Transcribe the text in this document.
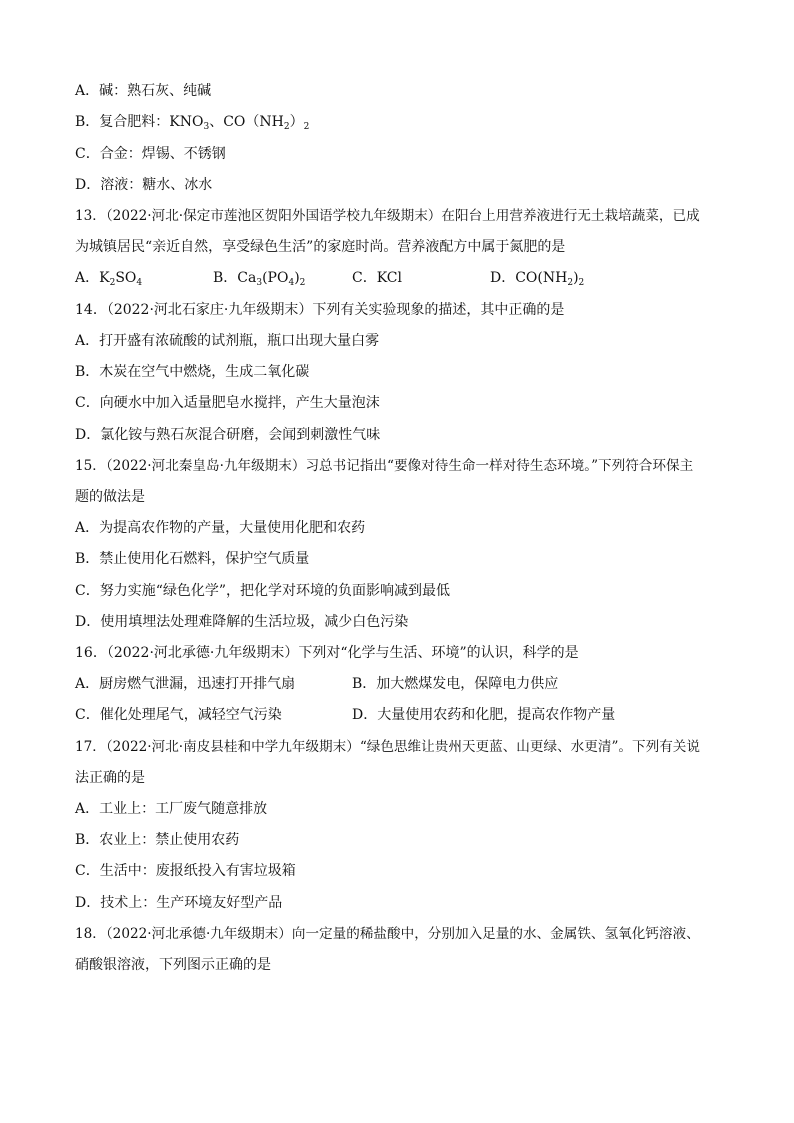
A．碱：熟石灰、纯碱
B．复合肥料：$KNO_3$、$CO(NH_2)_2$
C．合金：焊锡、不锈钢
D．溶液：糖水、冰水
13．（2022·河北·保定市莲池区贺阳外国语学校九年级期末）在阳台上用营养液进行无土栽培蔬菜，已成
为城镇居民“亲近自然，享受绿色生活”的家庭时尚。营养液配方中属于氮肥的是
A．$K_2SO_4$	B．$Ca_3(PO_4)_2$	C．KCl	D．$CO(NH_2)_2$
14．（2022·河北石家庄·九年级期末）下列有关实验现象的描述，其中正确的是
A．打开盛有浓硫酸的试剂瓶，瓶口出现大量白雾
B．木炭在空气中燃烧，生成二氧化碳
C．向硬水中加入适量肥皂水搅拌，产生大量泡沫
D．氯化铵与熟石灰混合研磨，会闻到刺激性气味
15．（2022·河北秦皇岛·九年级期末）习总书记指出“要像对待生命一样对待生态环境。”下列符合环保主
题的做法是
A．为提高农作物的产量，大量使用化肥和农药
B．禁止使用化石燃料，保护空气质量
C．努力实施“绿色化学”，把化学对环境的负面影响减到最低
D．使用填埋法处理难降解的生活垃圾，减少白色污染
16．（2022·河北承德·九年级期末）下列对“化学与生活、环境”的认识，科学的是
A．厨房燃气泄漏，迅速打开排气扇	B．加大燃煤发电，保障电力供应
C．催化处理尾气，减轻空气污染	D．大量使用农药和化肥，提高农作物产量
17．（2022·河北·南皮县桂和中学九年级期末）“绿色思维让贵州天更蓝、山更绿、水更清”。下列有关说
法正确的是
A．工业上：工厂废气随意排放
B．农业上：禁止使用农药
C．生活中：废报纸投入有害垃圾箱
D．技术上：生产环境友好型产品
18．（2022·河北承德·九年级期末）向一定量的稀盐酸中，分别加入足量的水、金属铁、氢氧化钙溶液、
硝酸银溶液，下列图示正确的是
